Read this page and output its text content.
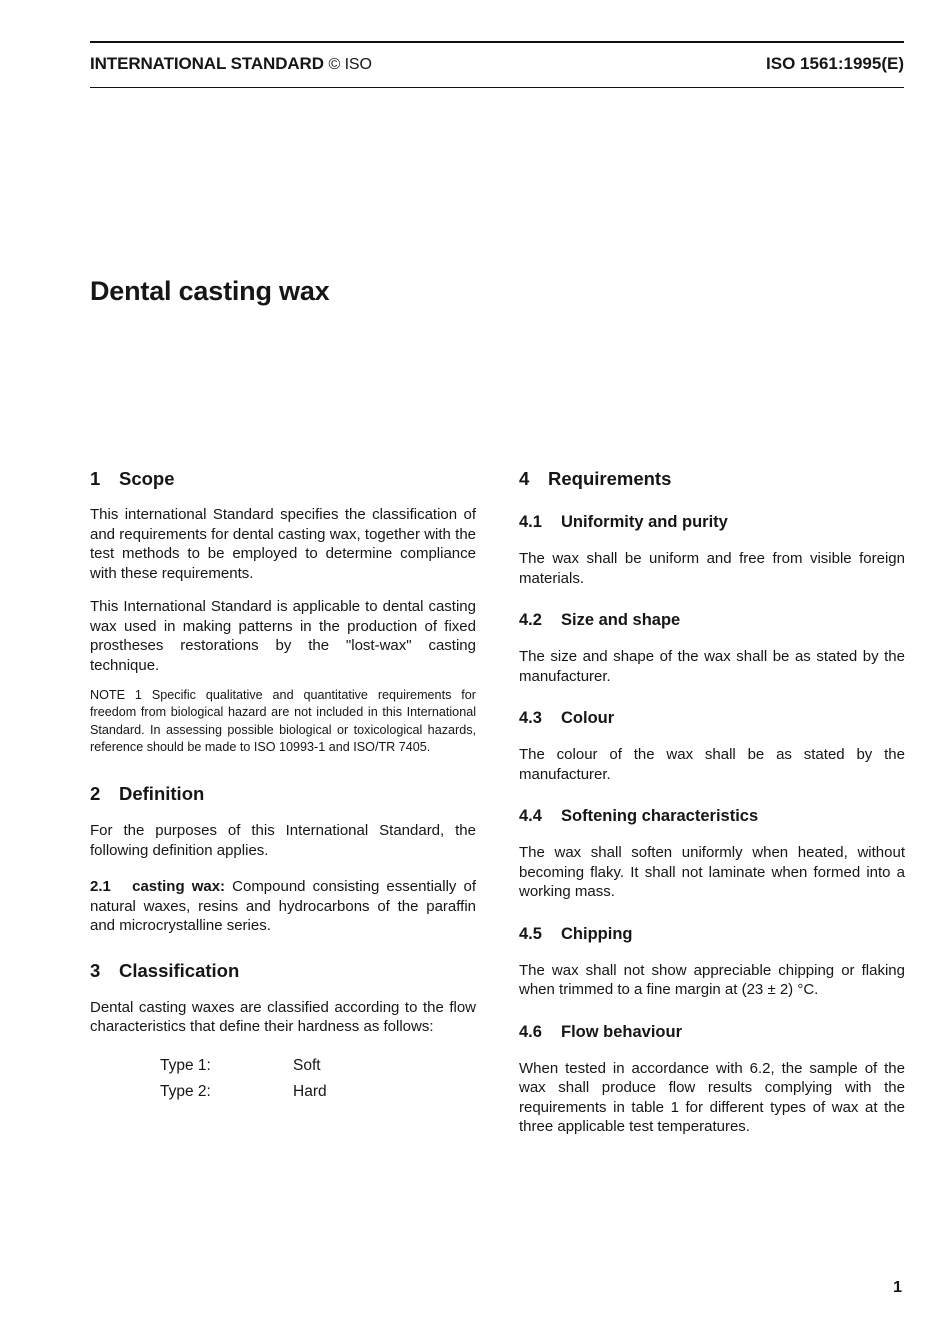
INTERNATIONAL STANDARD © ISO	ISO 1561:1995(E)
Dental casting wax
1 Scope

This international Standard specifies the classification of and requirements for dental casting wax, together with the test methods to be employed to determine compliance with these requirements.

This International Standard is applicable to dental casting wax used in making patterns in the production of fixed prostheses restorations by the "lost-wax" casting technique.

NOTE 1 Specific qualitative and quantitative requirements for freedom from biological hazard are not included in this International Standard. In assessing possible biological or toxicological hazards, reference should be made to ISO 10993-1 and ISO/TR 7405.

2 Definition

For the purposes of this International Standard, the following definition applies.

2.1 casting wax: Compound consisting essentially of natural waxes, resins and hydrocarbons of the paraffin and microcrystalline series.

3 Classification

Dental casting waxes are classified according to the flow characteristics that define their hardness as follows:

Type 1:	Soft
Type 2:	Hard
4 Requirements
4.1 Uniformity and purity

The wax shall be uniform and free from visible foreign materials.

4.2 Size and shape

The size and shape of the wax shall be as stated by the manufacturer.

4.3 Colour

The colour of the wax shall be as stated by the manufacturer.

4.4 Softening characteristics

The wax shall soften uniformly when heated, without becoming flaky. It shall not laminate when formed into a working mass.

4.5 Chipping

The wax shall not show appreciable chipping or flaking when trimmed to a fine margin at (23 ± 2) °C.

4.6 Flow behaviour

When tested in accordance with 6.2, the sample of the wax shall produce flow results complying with the requirements in table 1 for different types of wax at the three applicable test temperatures.

1
